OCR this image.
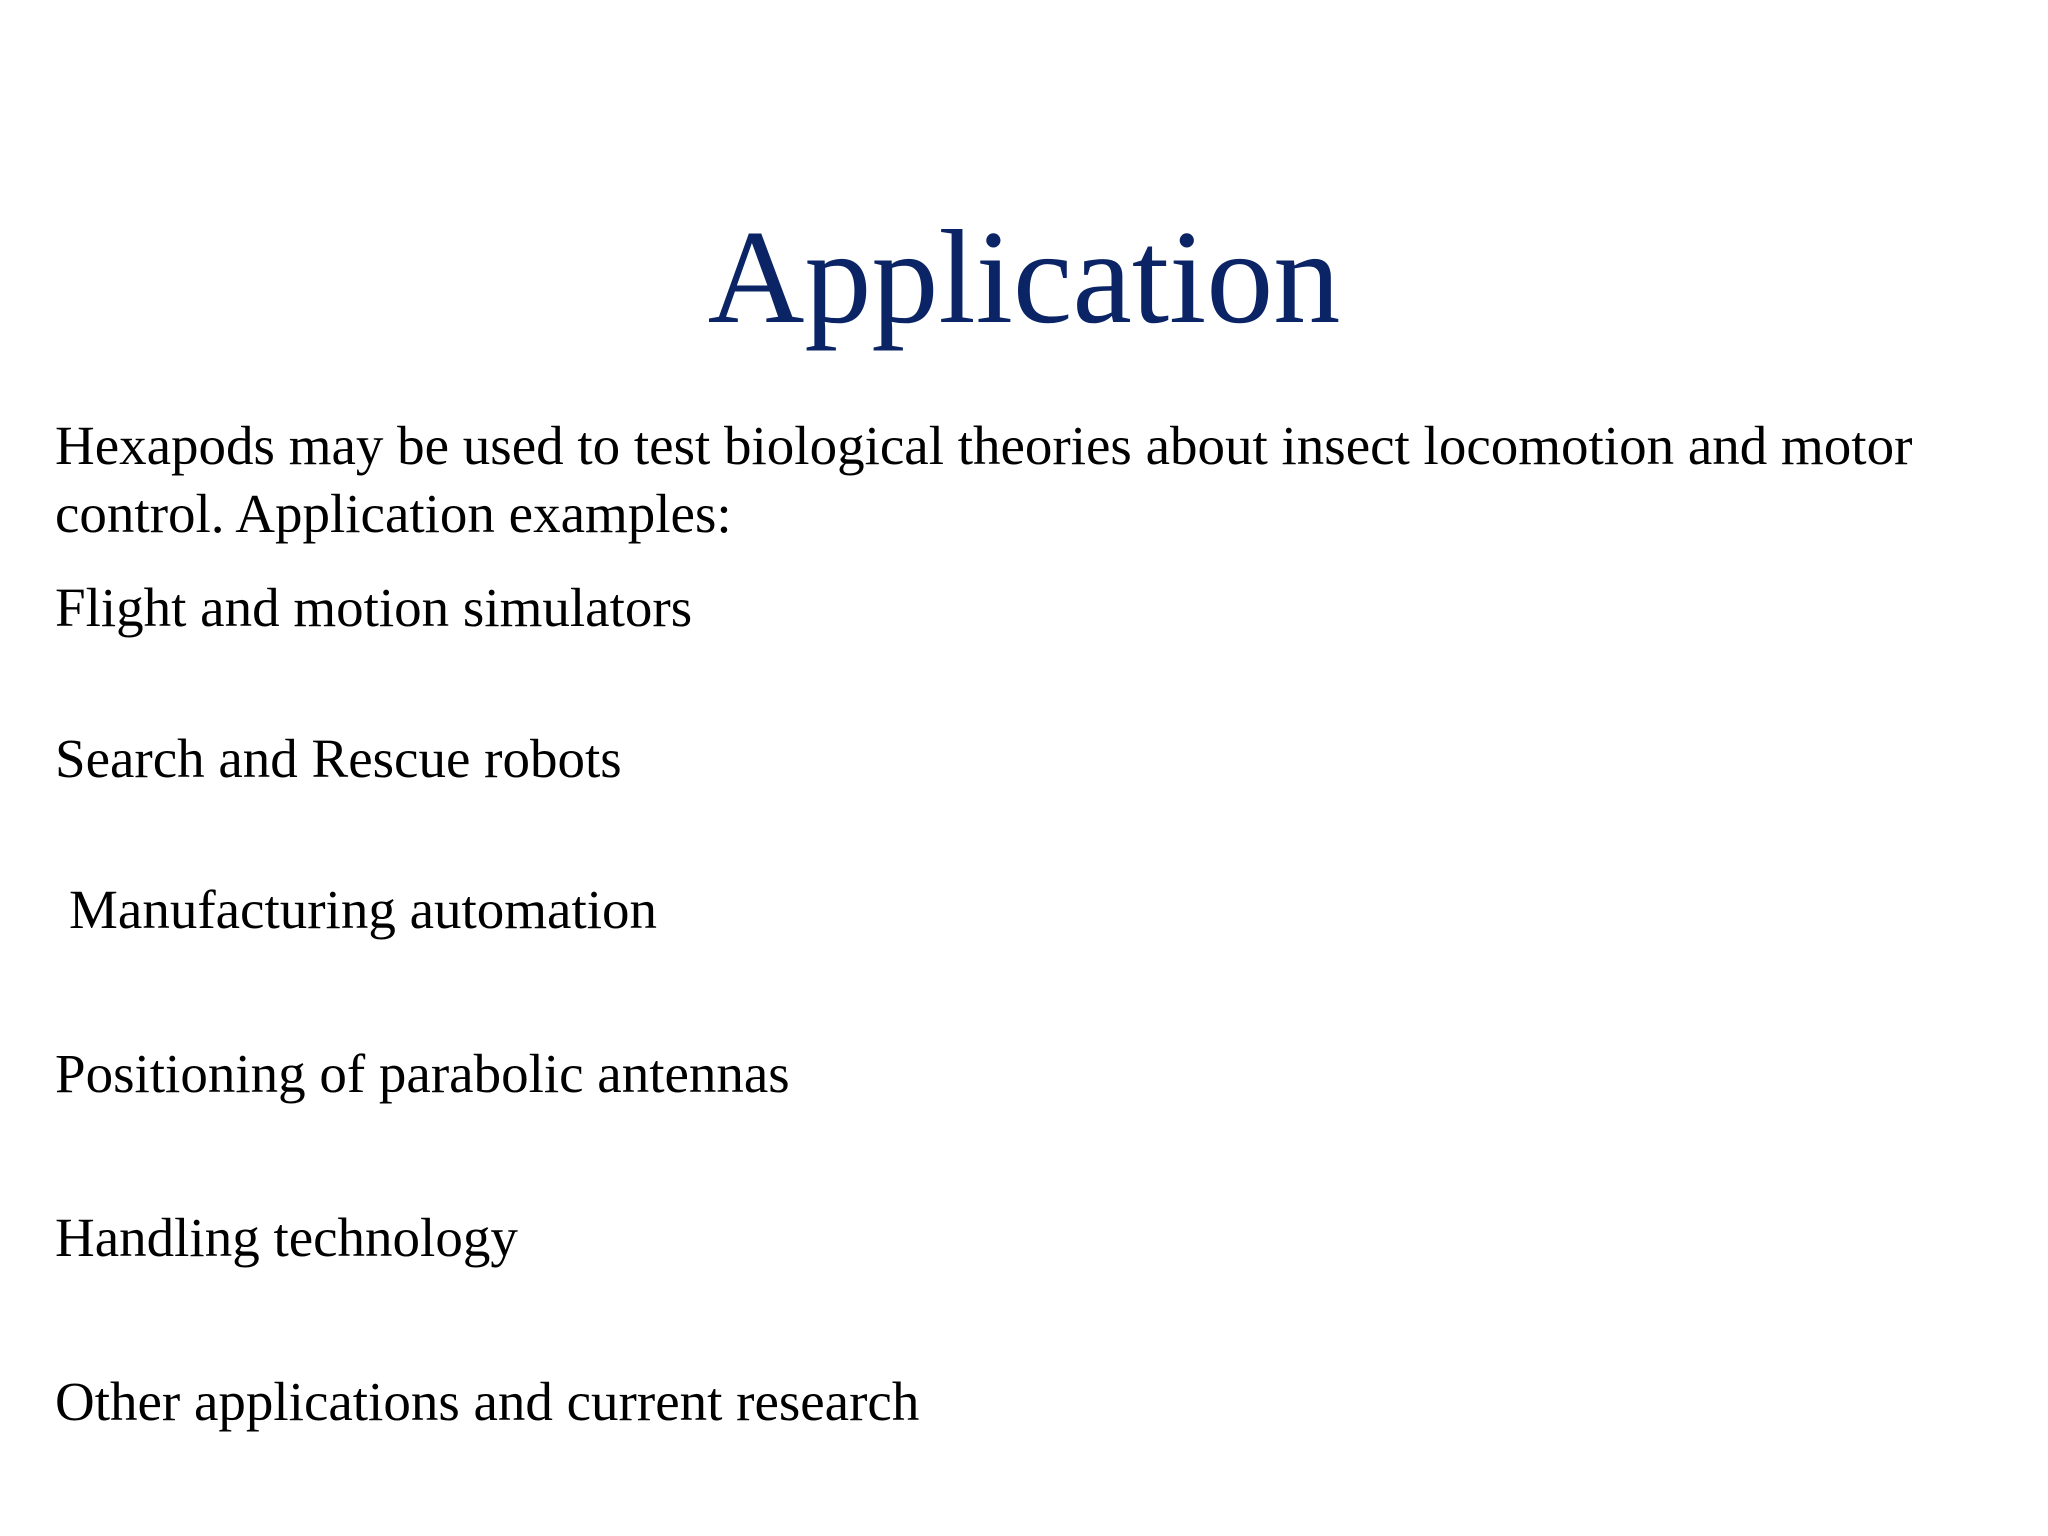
Application

Hexapods may be used to test biological theories about insect locomotion and motor control. Application examples:

Flight and motion simulators
Search and Rescue robots
Manufacturing automation
Positioning of parabolic antennas
Handling technology
Other applications and current research
